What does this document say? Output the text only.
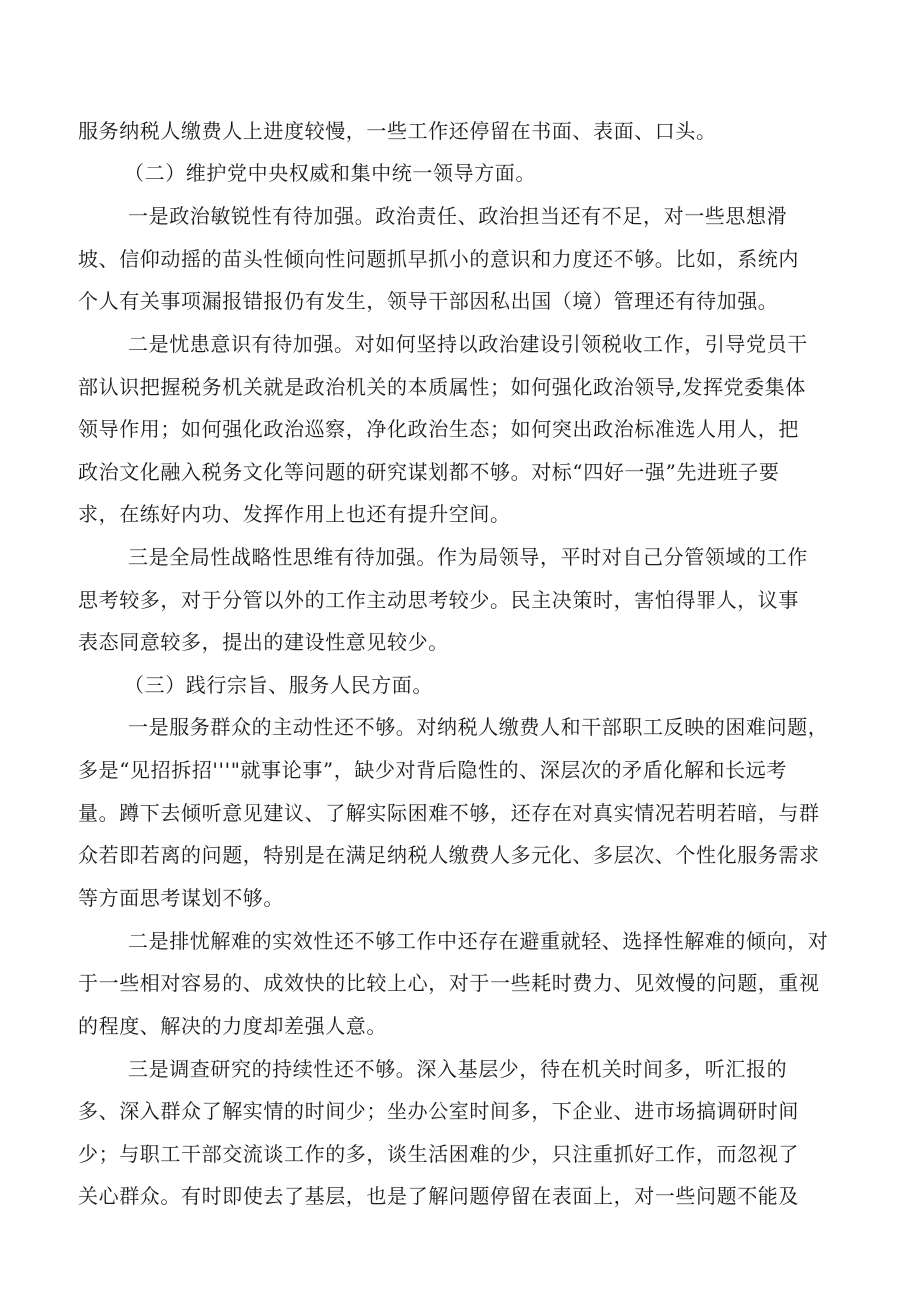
服务纳税人缴费人上进度较慢，一些工作还停留在书面、表面、口头。
（二）维护党中央权威和集中统一领导方面。
一是政治敏锐性有待加强。政治责任、政治担当还有不足，对一些思想滑
坡、信仰动摇的苗头性倾向性问题抓早抓小的意识和力度还不够。比如，系统内
个人有关事项漏报错报仍有发生，领导干部因私出国（境）管理还有待加强。
二是忧患意识有待加强。对如何坚持以政治建设引领税收工作，引导党员干
部认识把握税务机关就是政治机关的本质属性；如何强化政治领导,发挥党委集体
领导作用；如何强化政治巡察，净化政治生态；如何突出政治标准选人用人，把
政治文化融入税务文化等问题的研究谋划都不够。对标“四好一强”先进班子要
求，在练好内功、发挥作用上也还有提升空间。
三是全局性战略性思维有待加强。作为局领导，平时对自己分管领域的工作
思考较多，对于分管以外的工作主动思考较少。民主决策时，害怕得罪人，议事
表态同意较多，提出的建设性意见较少。
（三）践行宗旨、服务人民方面。
一是服务群众的主动性还不够。对纳税人缴费人和干部职工反映的困难问题，
多是“见招拆招'''"就事论事”，缺少对背后隐性的、深层次的矛盾化解和长远考
量。蹲下去倾听意见建议、了解实际困难不够，还存在对真实情况若明若暗，与群
众若即若离的问题，特别是在满足纳税人缴费人多元化、多层次、个性化服务需求
等方面思考谋划不够。
二是排忧解难的实效性还不够工作中还存在避重就轻、选择性解难的倾向，对
于一些相对容易的、成效快的比较上心，对于一些耗时费力、见效慢的问题，重视
的程度、解决的力度却差强人意。
三是调查研究的持续性还不够。深入基层少，待在机关时间多，听汇报的
多、深入群众了解实情的时间少；坐办公室时间多，下企业、进市场搞调研时间
少；与职工干部交流谈工作的多，谈生活困难的少，只注重抓好工作，而忽视了
关心群众。有时即使去了基层，也是了解问题停留在表面上，对一些问题不能及
